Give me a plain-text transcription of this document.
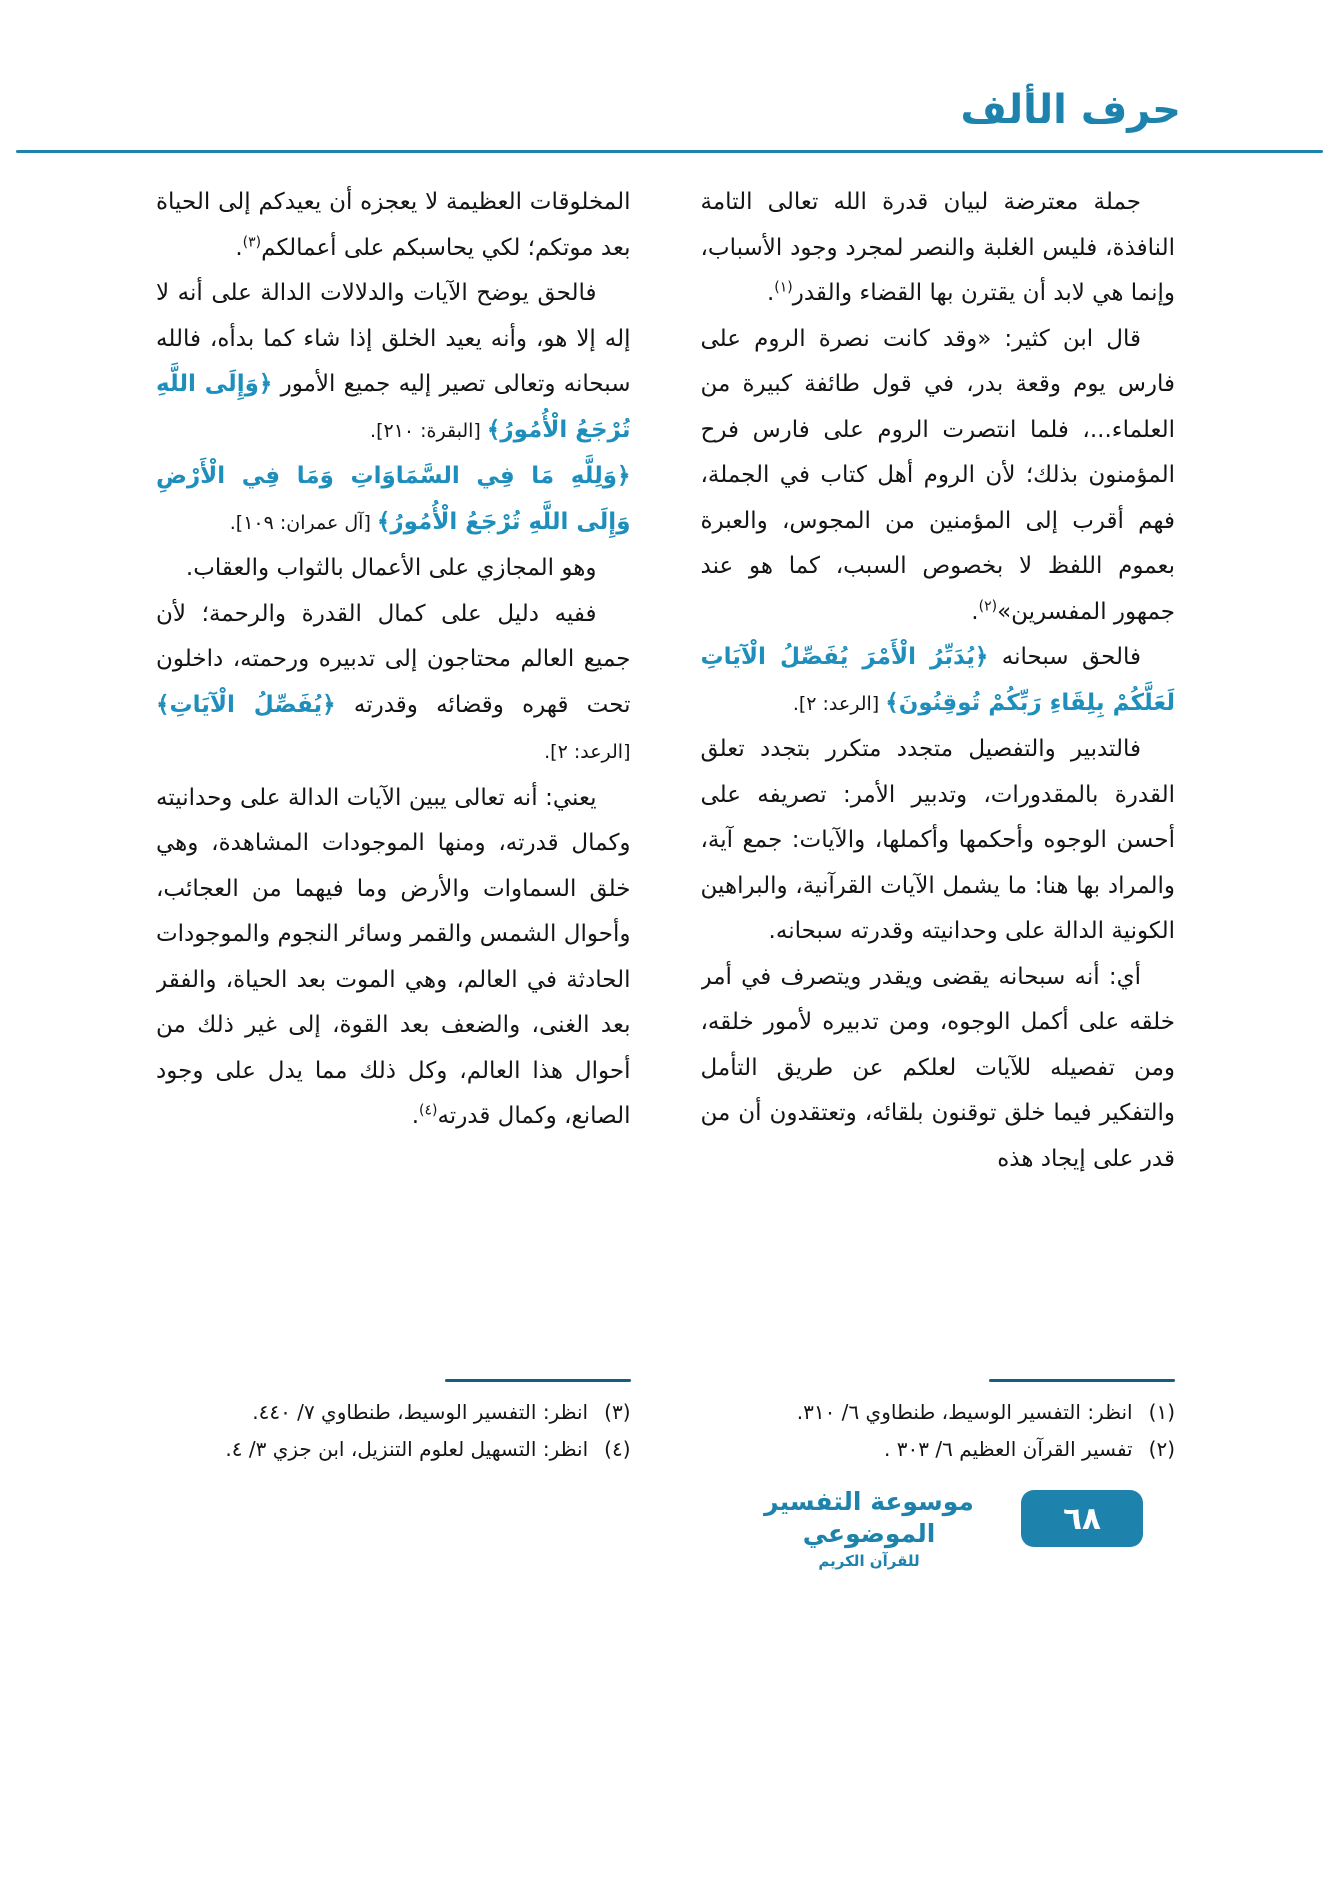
حرف الألف

جملة معترضة لبيان قدرة الله تعالى التامة النافذة، فليس الغلبة والنصر لمجرد وجود الأسباب، وإنما هي لابد أن يقترن بها القضاء والقدر$^{(١)}$.

قال ابن كثير: «وقد كانت نصرة الروم على فارس يوم وقعة بدر، في قول طائفة كبيرة من العلماء...، فلما انتصرت الروم على فارس فرح المؤمنون بذلك؛ لأن الروم أهل كتاب في الجملة، فهم أقرب إلى المؤمنين من المجوس، والعبرة بعموم اللفظ لا بخصوص السبب، كما هو عند جمهور المفسرين»$^{(٢)}$.

فالحق سبحانه ﴿يُدَبِّرُ الْأَمْرَ يُفَصِّلُ الْآيَاتِ لَعَلَّكُمْ بِلِقَاءِ رَبِّكُمْ تُوقِنُونَ﴾ [الرعد: ٢].

فالتدبير والتفصيل متجدد متكرر بتجدد تعلق القدرة بالمقدورات، وتدبير الأمر: تصريفه على أحسن الوجوه وأحكمها وأكملها، والآيات: جمع آية، والمراد بها هنا: ما يشمل الآيات القرآنية، والبراهين الكونية الدالة على وحدانيته وقدرته سبحانه.

أي: أنه سبحانه يقضى ويقدر ويتصرف في أمر خلقه على أكمل الوجوه، ومن تدبيره لأمور خلقه، ومن تفصيله للآيات لعلكم عن طريق التأمل والتفكير فيما خلق توقنون بلقائه، وتعتقدون أن من قدر على إيجاد هذه

(١)انظر: التفسير الوسيط، طنطاوي ٦/ ٣١٠.

(٢)تفسير القرآن العظيم ٦/ ٣٠٣ .

المخلوقات العظيمة لا يعجزه أن يعيدكم إلى الحياة بعد موتكم؛ لكي يحاسبكم على أعمالكم$^{(٣)}$.

فالحق يوضح الآيات والدلالات الدالة على أنه لا إله إلا هو، وأنه يعيد الخلق إذا شاء كما بدأه، فالله سبحانه وتعالى تصير إليه جميع الأمور ﴿وَإِلَى اللَّهِ تُرْجَعُ الْأُمُورُ﴾ [البقرة: ٢١٠].

﴿وَلِلَّهِ مَا فِي السَّمَاوَاتِ وَمَا فِي الْأَرْضِ وَإِلَى اللَّهِ تُرْجَعُ الْأُمُورُ﴾ [آل عمران: ١٠٩].

وهو المجازي على الأعمال بالثواب والعقاب.

ففيه دليل على كمال القدرة والرحمة؛ لأن جميع العالم محتاجون إلى تدبيره ورحمته، داخلون تحت قهره وقضائه وقدرته ﴿يُفَصِّلُ الْآيَاتِ﴾ [الرعد: ٢].

يعني: أنه تعالى يبين الآيات الدالة على وحدانيته وكمال قدرته، ومنها الموجودات المشاهدة، وهي خلق السماوات والأرض وما فيهما من العجائب، وأحوال الشمس والقمر وسائر النجوم والموجودات الحادثة في العالم، وهي الموت بعد الحياة، والفقر بعد الغنى، والضعف بعد القوة، إلى غير ذلك من أحوال هذا العالم، وكل ذلك مما يدل على وجود الصانع، وكمال قدرته$^{(٤)}$.

(٣)انظر: التفسير الوسيط، طنطاوي ٧/ ٤٤٠.

(٤)انظر: التسهيل لعلوم التنزيل، ابن جزي ٣/ ٤.

موسوعة التفسير الموضوعي
للقرآن الكريم
٦٨
